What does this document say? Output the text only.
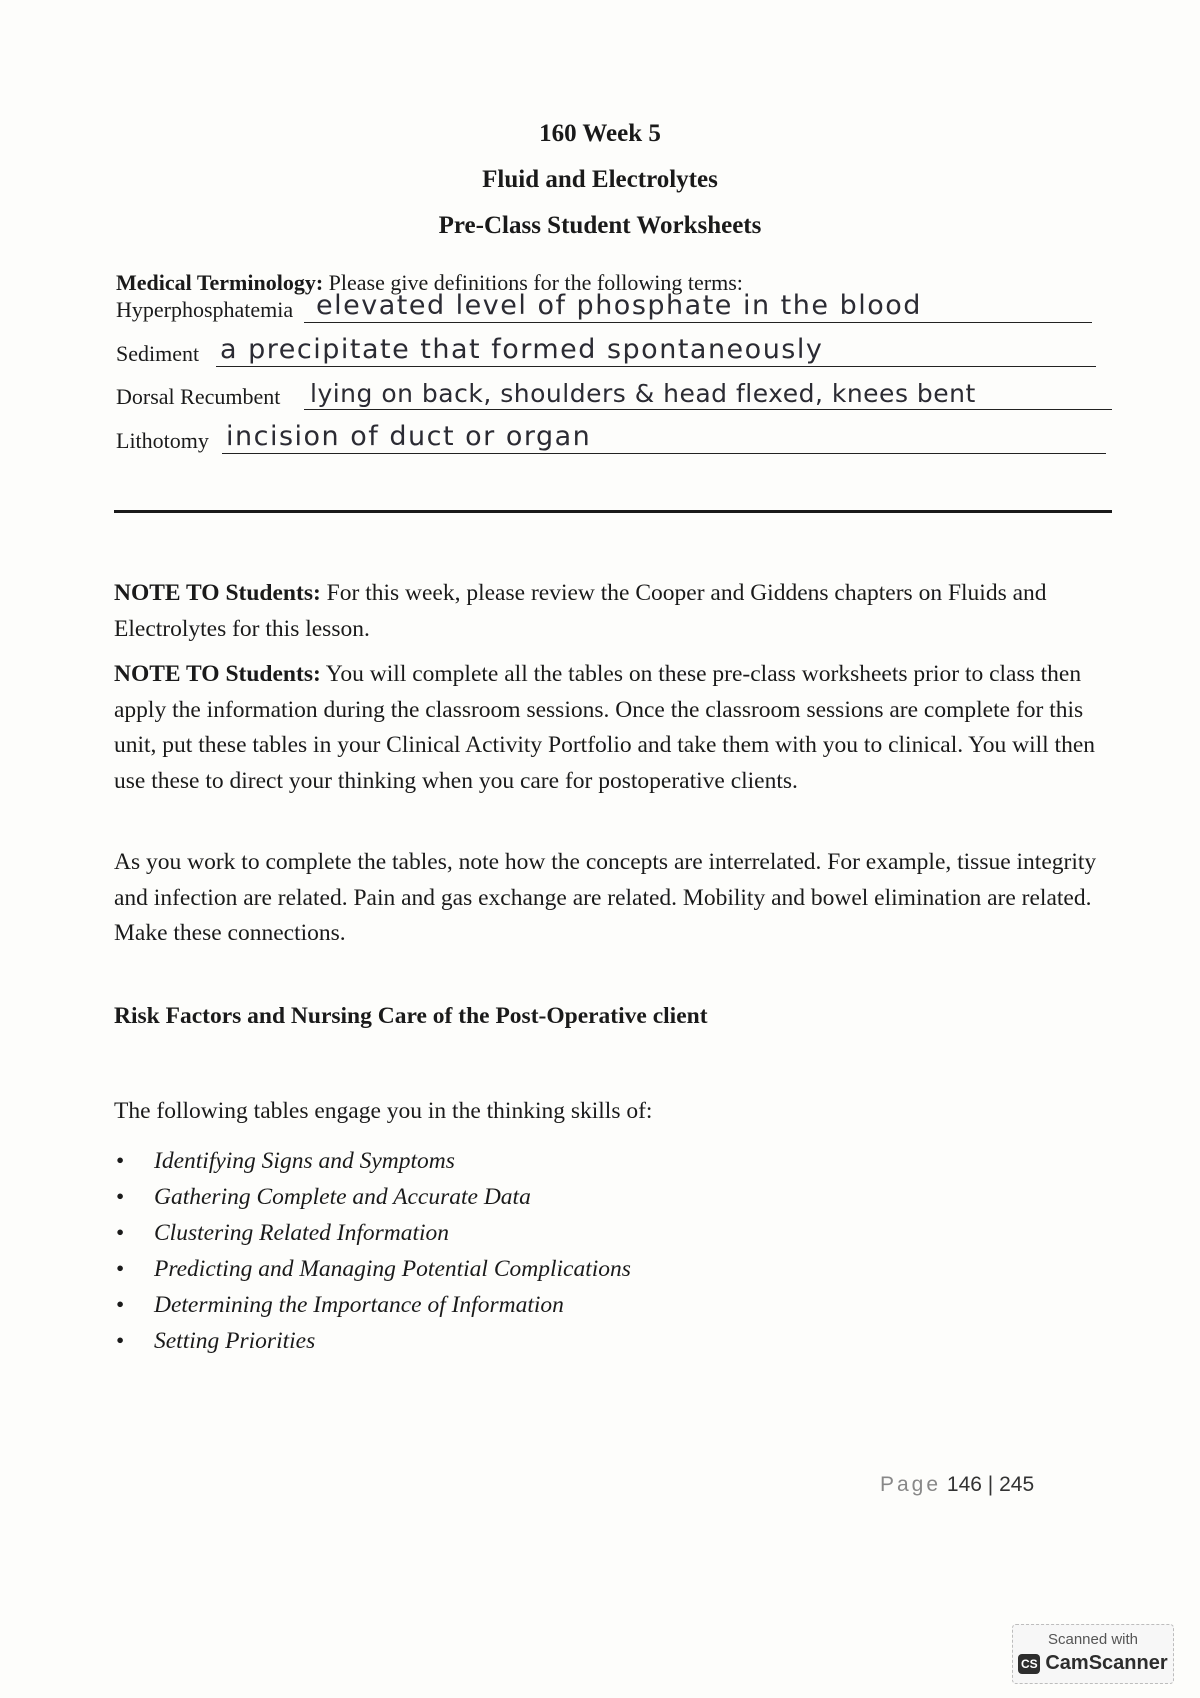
160 Week 5
Fluid and Electrolytes
Pre-Class Student Worksheets
Medical Terminology: Please give definitions for the following terms:
Hyperphosphatemia elevated level of phosphate in the blood
Sediment a precipitate that formed spontaneously
Dorsal Recumbent lying on back, shoulders & head flexed, knees bent
Lithotomy incision of duct or organ

NOTE TO Students: For this week, please review the Cooper and Giddens chapters on Fluids and Electrolytes for this lesson.

NOTE TO Students: You will complete all the tables on these pre-class worksheets prior to class then apply the information during the classroom sessions. Once the classroom sessions are complete for this unit, put these tables in your Clinical Activity Portfolio and take them with you to clinical. You will then use these to direct your thinking when you care for postoperative clients.

As you work to complete the tables, note how the concepts are interrelated. For example, tissue integrity and infection are related. Pain and gas exchange are related. Mobility and bowel elimination are related. Make these connections.

Risk Factors and Nursing Care of the Post-Operative client
The following tables engage you in the thinking skills of:
• Identifying Signs and Symptoms
• Gathering Complete and Accurate Data
• Clustering Related Information
• Predicting and Managing Potential Complications
• Determining the Importance of Information
• Setting Priorities
Page 146 | 245
Scanned with
CS CamScanner
